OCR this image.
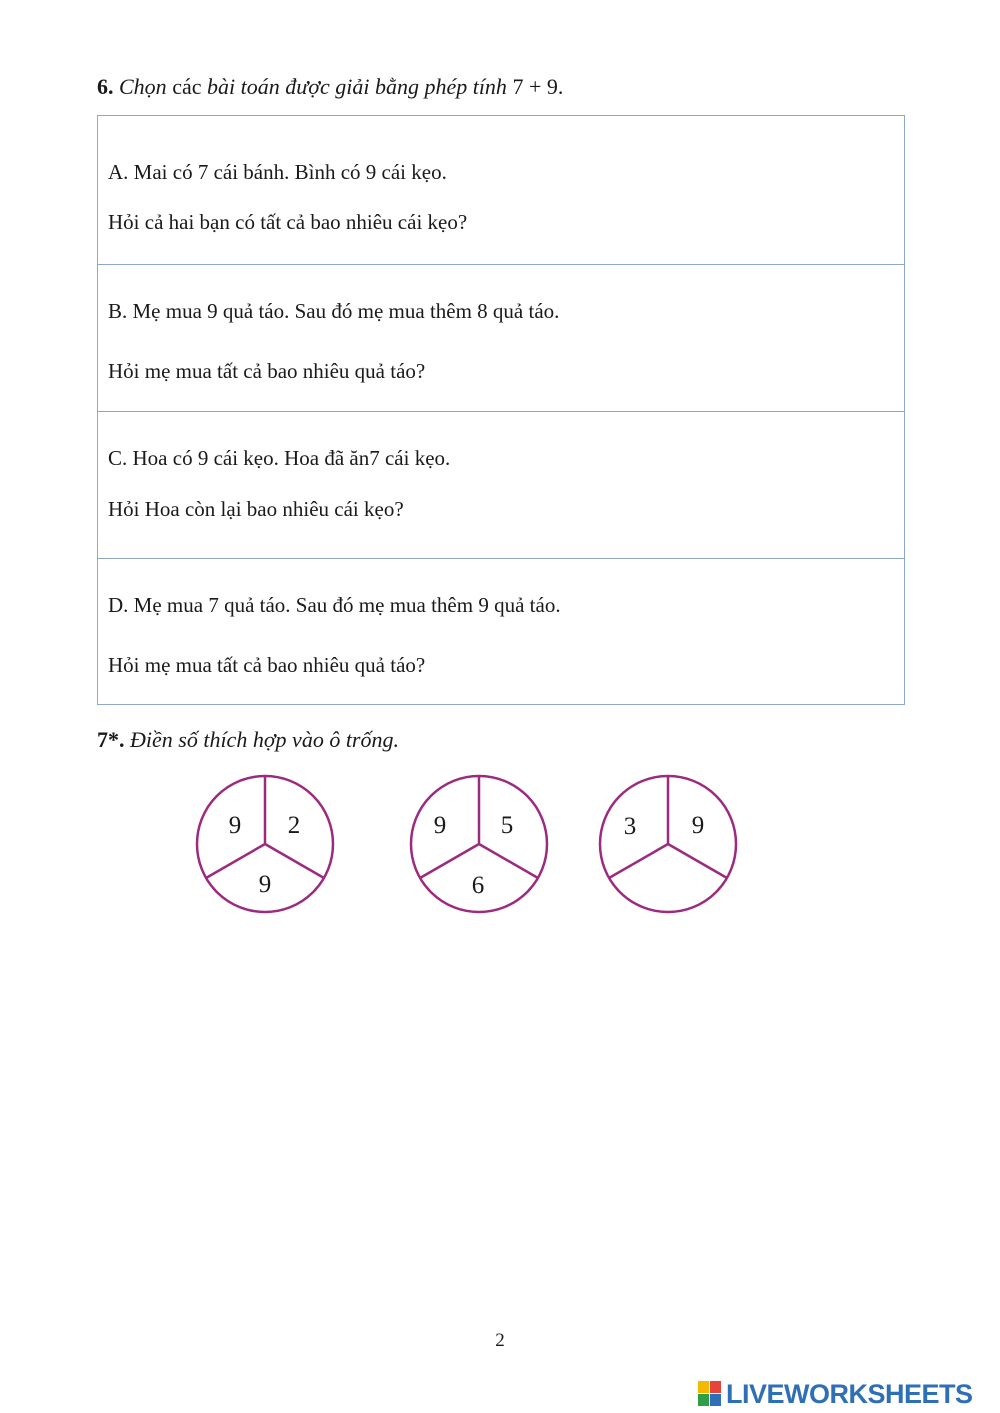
6. Chọn các bài toán được giải bằng phép tính 7 + 9.
A. Mai có 7 cái bánh. Bình có 9 cái kẹo.
Hỏi cả hai bạn có tất cả bao nhiêu cái kẹo?
B. Mẹ mua 9 quả táo. Sau đó mẹ mua thêm 8 quả táo.
Hỏi mẹ mua tất cả bao nhiêu quả táo?
C. Hoa có 9 cái kẹo. Hoa đã ăn7 cái kẹo.
Hỏi Hoa còn lại bao nhiêu cái kẹo?
D. Mẹ mua 7 quả táo. Sau đó mẹ mua thêm 9 quả táo.
Hỏi mẹ mua tất cả bao nhiêu quả táo?
7*. Điền số thích hợp vào ô trống.
9 2
9
9 5
6
3 9
2
LIVEWORKSHEETS
